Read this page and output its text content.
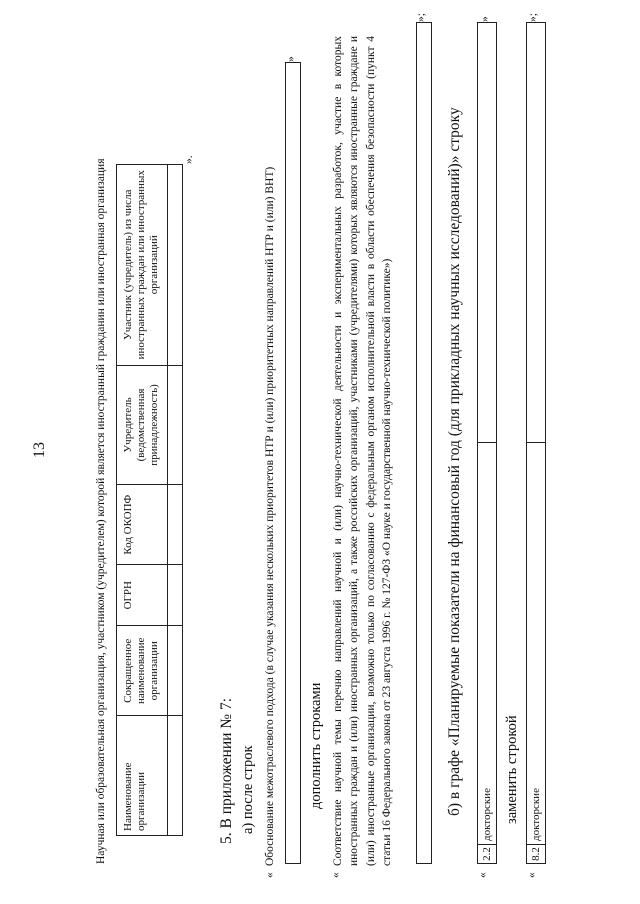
13	Научная или образовательная организация, участником (учредителем) которой является иностранный гражданин или иностранная организация Наименование организации	Сокращенное наименование организации	ОГРН	Код ОКОПФ	Учредитель (ведомственная принадлежность)	Участник (учредитель) из числа иностранных граждан или иностранных организаций

».
5. В приложении № 7: а) после строк
«
Обоснование межотраслевого подхода (в случае указания нескольких приоритетов НТР и (или) приоритетных направлений НТР и (или) ВНТ)
»
дополнить строками
«
Соответствие научной темы перечню направлений научной и (или) научно-технической деятельности и экспериментальных разработок, участие в которых иностранных граждан и (или) иностранных организаций, а также российских организаций, участниками (учредителями) которых являются иностранные граждане и (или) иностранные организации, возможно только по согласованию с федеральным органом исполнительной власти в области обеспечения безопасности (пункт 4 статьи 16 Федерального закона от 23 августа 1996 г. № 127-ФЗ «О науке и государственной научно-технической политике»)
»;
б) в графе «Планируемые показатели на финансовый год (для прикладных научных исследований)» строку
«
2.2
докторские
»
заменить строкой
«
8.2
докторские
»;
